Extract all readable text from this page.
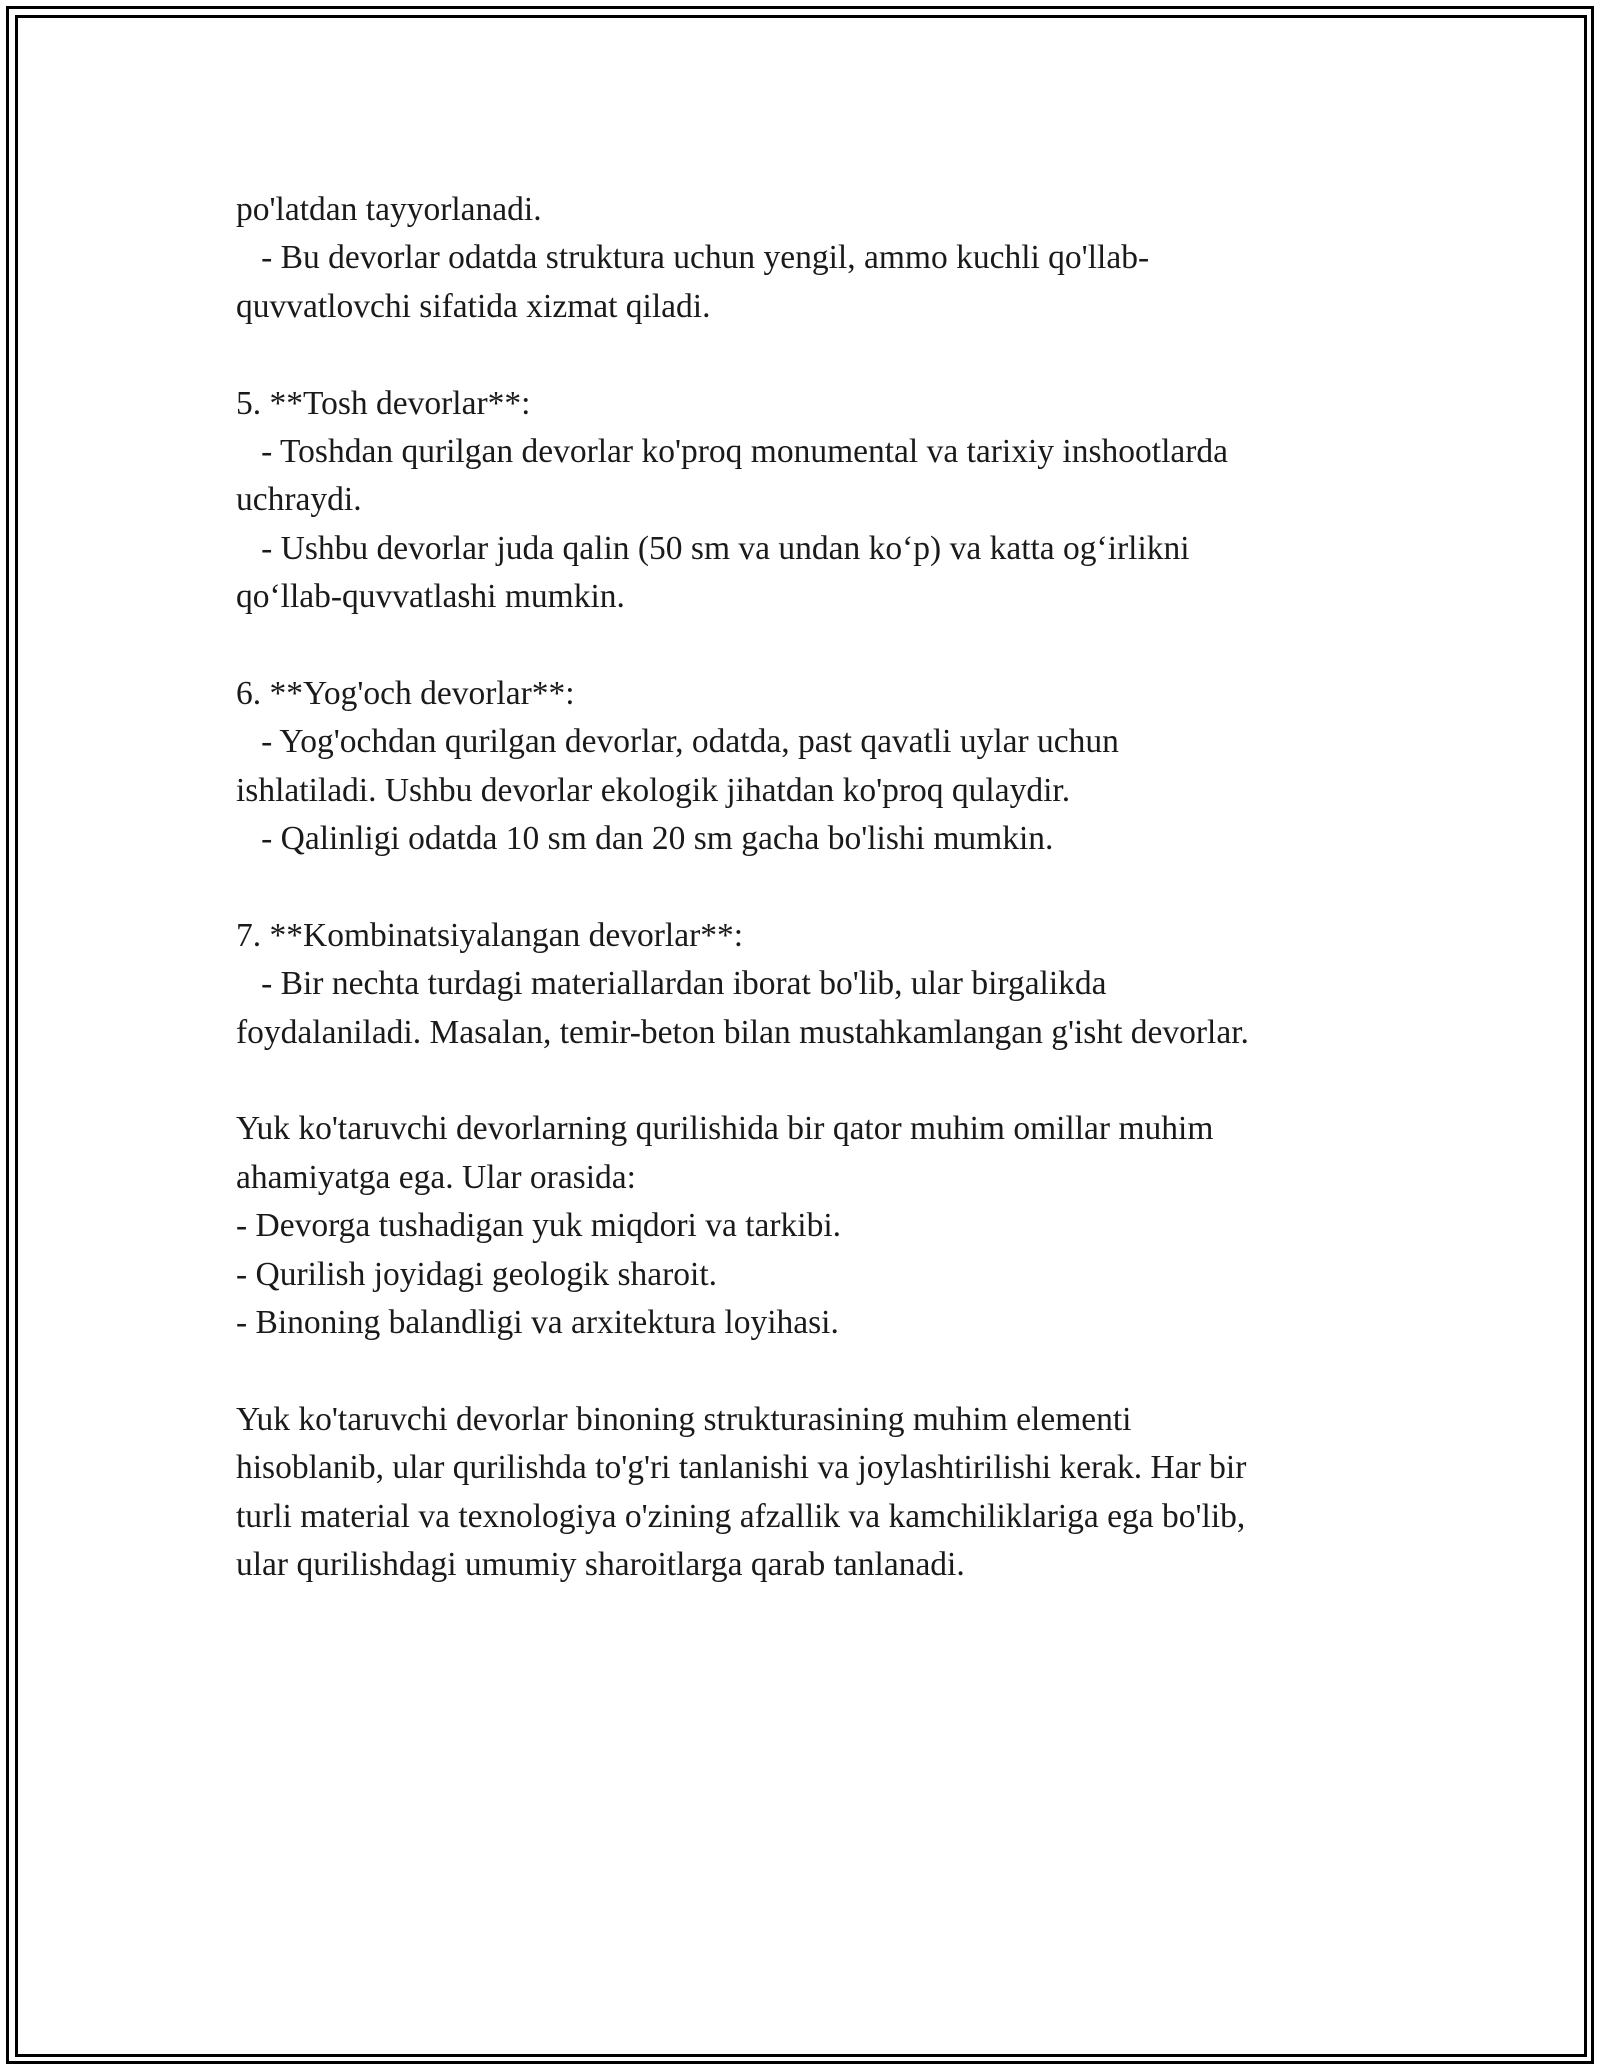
po'latdan tayyorlanadi.
- Bu devorlar odatda struktura uchun yengil, ammo kuchli qo'llab-
quvvatlovchi sifatida xizmat qiladi.
5. **Tosh devorlar**:
- Toshdan qurilgan devorlar ko'proq monumental va tarixiy inshootlarda
uchraydi.
- Ushbu devorlar juda qalin (50 sm va undan ko‘p) va katta og‘irlikni
qo‘llab-quvvatlashi mumkin.
6. **Yog'och devorlar**:
- Yog'ochdan qurilgan devorlar, odatda, past qavatli uylar uchun
ishlatiladi. Ushbu devorlar ekologik jihatdan ko'proq qulaydir.
- Qalinligi odatda 10 sm dan 20 sm gacha bo'lishi mumkin.
7. **Kombinatsiyalangan devorlar**:
- Bir nechta turdagi materiallardan iborat bo'lib, ular birgalikda
foydalaniladi. Masalan, temir-beton bilan mustahkamlangan g'isht devorlar.
Yuk ko'taruvchi devorlarning qurilishida bir qator muhim omillar muhim
ahamiyatga ega. Ular orasida:
- Devorga tushadigan yuk miqdori va tarkibi.
- Qurilish joyidagi geologik sharoit.
- Binoning balandligi va arxitektura loyihasi.
Yuk ko'taruvchi devorlar binoning strukturasining muhim elementi
hisoblanib, ular qurilishda to'g'ri tanlanishi va joylashtirilishi kerak. Har bir
turli material va texnologiya o'zining afzallik va kamchiliklariga ega bo'lib,
ular qurilishdagi umumiy sharoitlarga qarab tanlanadi.
